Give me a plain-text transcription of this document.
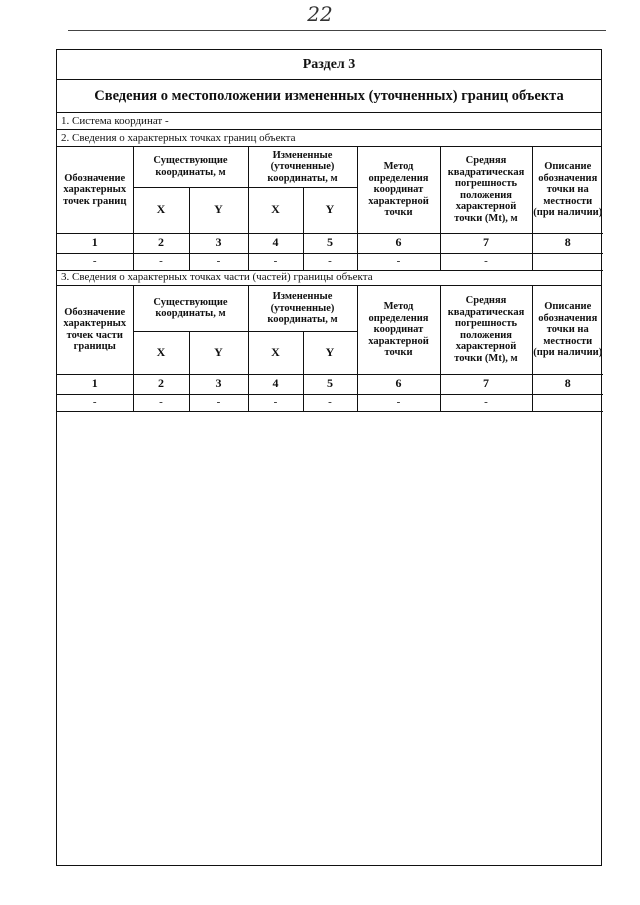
22
Раздел 3
Сведения о местоположении измененных (уточненных) границ объекта
1. Система координат -
2. Сведения о характерных точках границ объекта
Обозначение характерных точек границ	Существующие координаты, м		Измененные (уточненные) координаты, м		Метод определения координат характерной точки	Средняя квадратическая погрешность положения характерной точки (Mt), м	Описание обозначения точки на местности (при наличии)
	X	Y	X	Y			
1	2	3	4	5	6	7	8
-	-	-	-	-	-	-	
3. Сведения о характерных точках части (частей) границы объекта
Обозначение характерных точек части границы	Существующие координаты, м		Измененные (уточненные) координаты, м		Метод определения координат характерной точки	Средняя квадратическая погрешность положения характерной точки (Mt), м	Описание обозначения точки на местности (при наличии)
	X	Y	X	Y			
1	2	3	4	5	6	7	8
-	-	-	-	-	-	-	
